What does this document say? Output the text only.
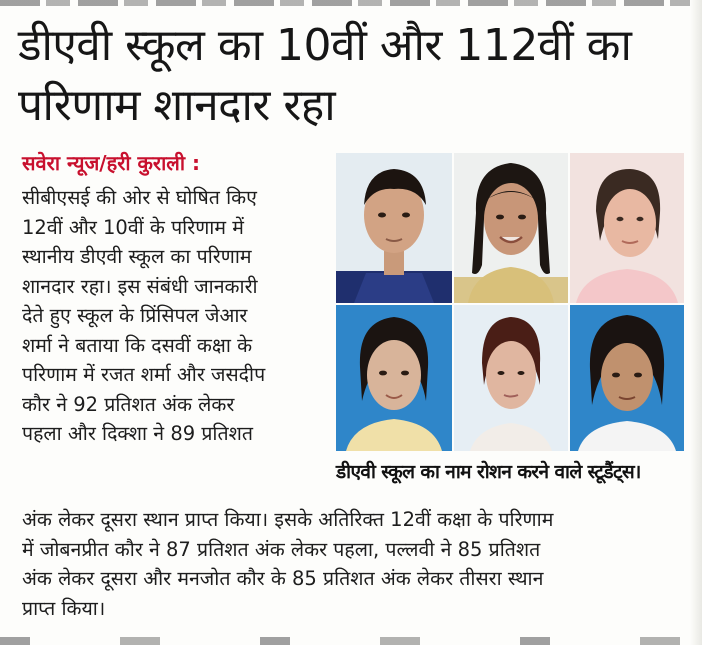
डीएवी स्कूल का 10वीं और 112वीं का
परिणाम शानदार रहा
सवेरा न्यूज/हरी कुराली :
सीबीएसई की ओर से घोषित किए
12वीं और 10वीं के परिणाम में
स्थानीय डीएवी स्कूल का परिणाम
शानदार रहा। इस संबंधी जानकारी
देते हुए स्कूल के प्रिंसिपल जेआर
शर्मा ने बताया कि दसवीं कक्षा के
परिणाम में रजत शर्मा और जसदीप
कौर ने 92 प्रतिशत अंक लेकर
पहला और दिक्शा ने 89 प्रतिशत
डीएवी स्कूल का नाम रोशन करने वाले स्टूडैंट्स।
अंक लेकर दूसरा स्थान प्राप्त किया। इसके अतिरिक्त 12वीं कक्षा के परिणाम
में जोबनप्रीत कौर ने 87 प्रतिशत अंक लेकर पहला, पल्लवी ने 85 प्रतिशत
अंक लेकर दूसरा और मनजोत कौर के 85 प्रतिशत अंक लेकर तीसरा स्थान
प्राप्त किया।
